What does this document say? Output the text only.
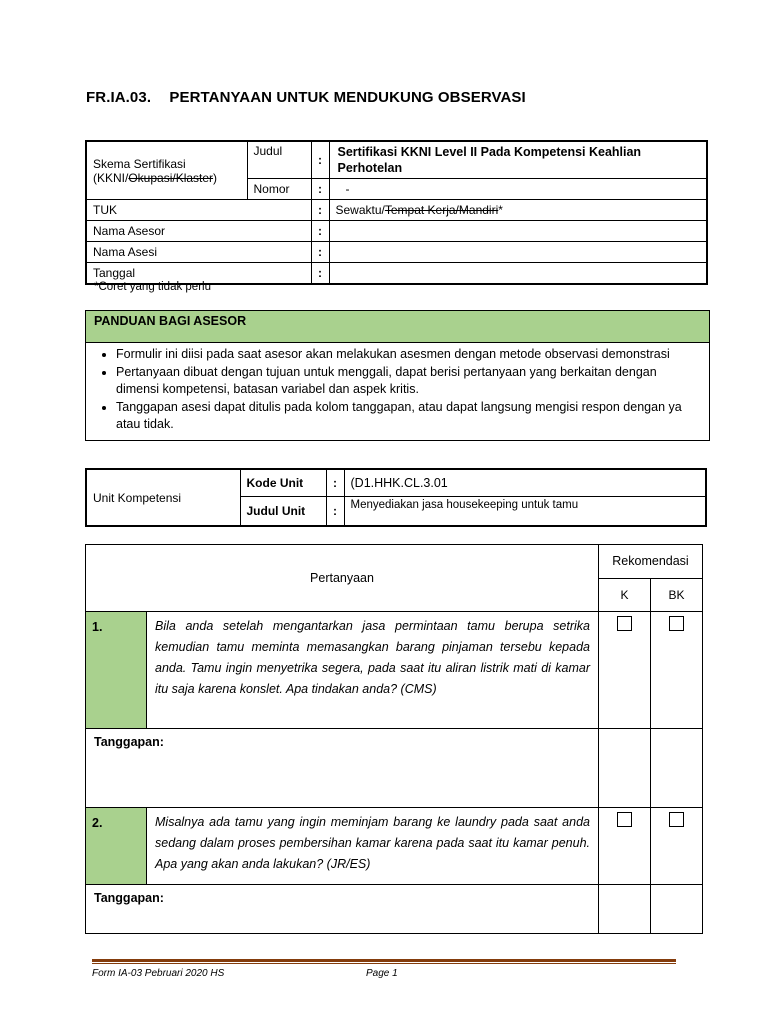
FR.IA.03. PERTANYAAN UNTUK MENDUKUNG OBSERVASI
Skema Sertifikasi
(KKNI/Okupasi/Klaster)	Judul	:	Sertifikasi KKNI Level II Pada Kompetensi Keahlian Perhotelan
	Nomor	:	-
TUK		:	Sewaktu/Tempat Kerja/Mandiri*
Nama Asesor		:	
Nama Asesi		:	
Tanggal		:	
*Coret yang tidak perlu
PANDUAN BAGI ASESOR
• Formulir ini diisi pada saat asesor akan melakukan asesmen dengan metode observasi demonstrasi
• Pertanyaan dibuat dengan tujuan untuk menggali, dapat berisi pertanyaan yang berkaitan dengan dimensi kompetensi, batasan variabel dan aspek kritis.
• Tanggapan asesi dapat ditulis pada kolom tanggapan, atau dapat langsung mengisi respon dengan ya atau tidak.
Unit Kompetensi	Kode Unit	:	(D1.HHK.CL.3.01
	Judul Unit	:	Menyediakan jasa housekeeping untuk tamu
Pertanyaan		Rekomendasi	
		K	BK
1.	Bila anda setelah mengantarkan jasa permintaan tamu berupa setrika kemudian tamu meminta memasangkan barang pinjaman tersebu kepada anda. Tamu ingin menyetrika segera, pada saat itu aliran listrik mati di kamar itu saja karena konslet. Apa tindakan anda? (CMS)		
Tanggapan:			
2.	Misalnya ada tamu yang ingin meminjam barang ke laundry pada saat anda sedang dalam proses pembersihan kamar karena pada saat itu kamar penuh. Apa yang akan anda lakukan? (JR/ES)		
Tanggapan:			
Form IA-03 Pebruari 2020 HS	Page 1
